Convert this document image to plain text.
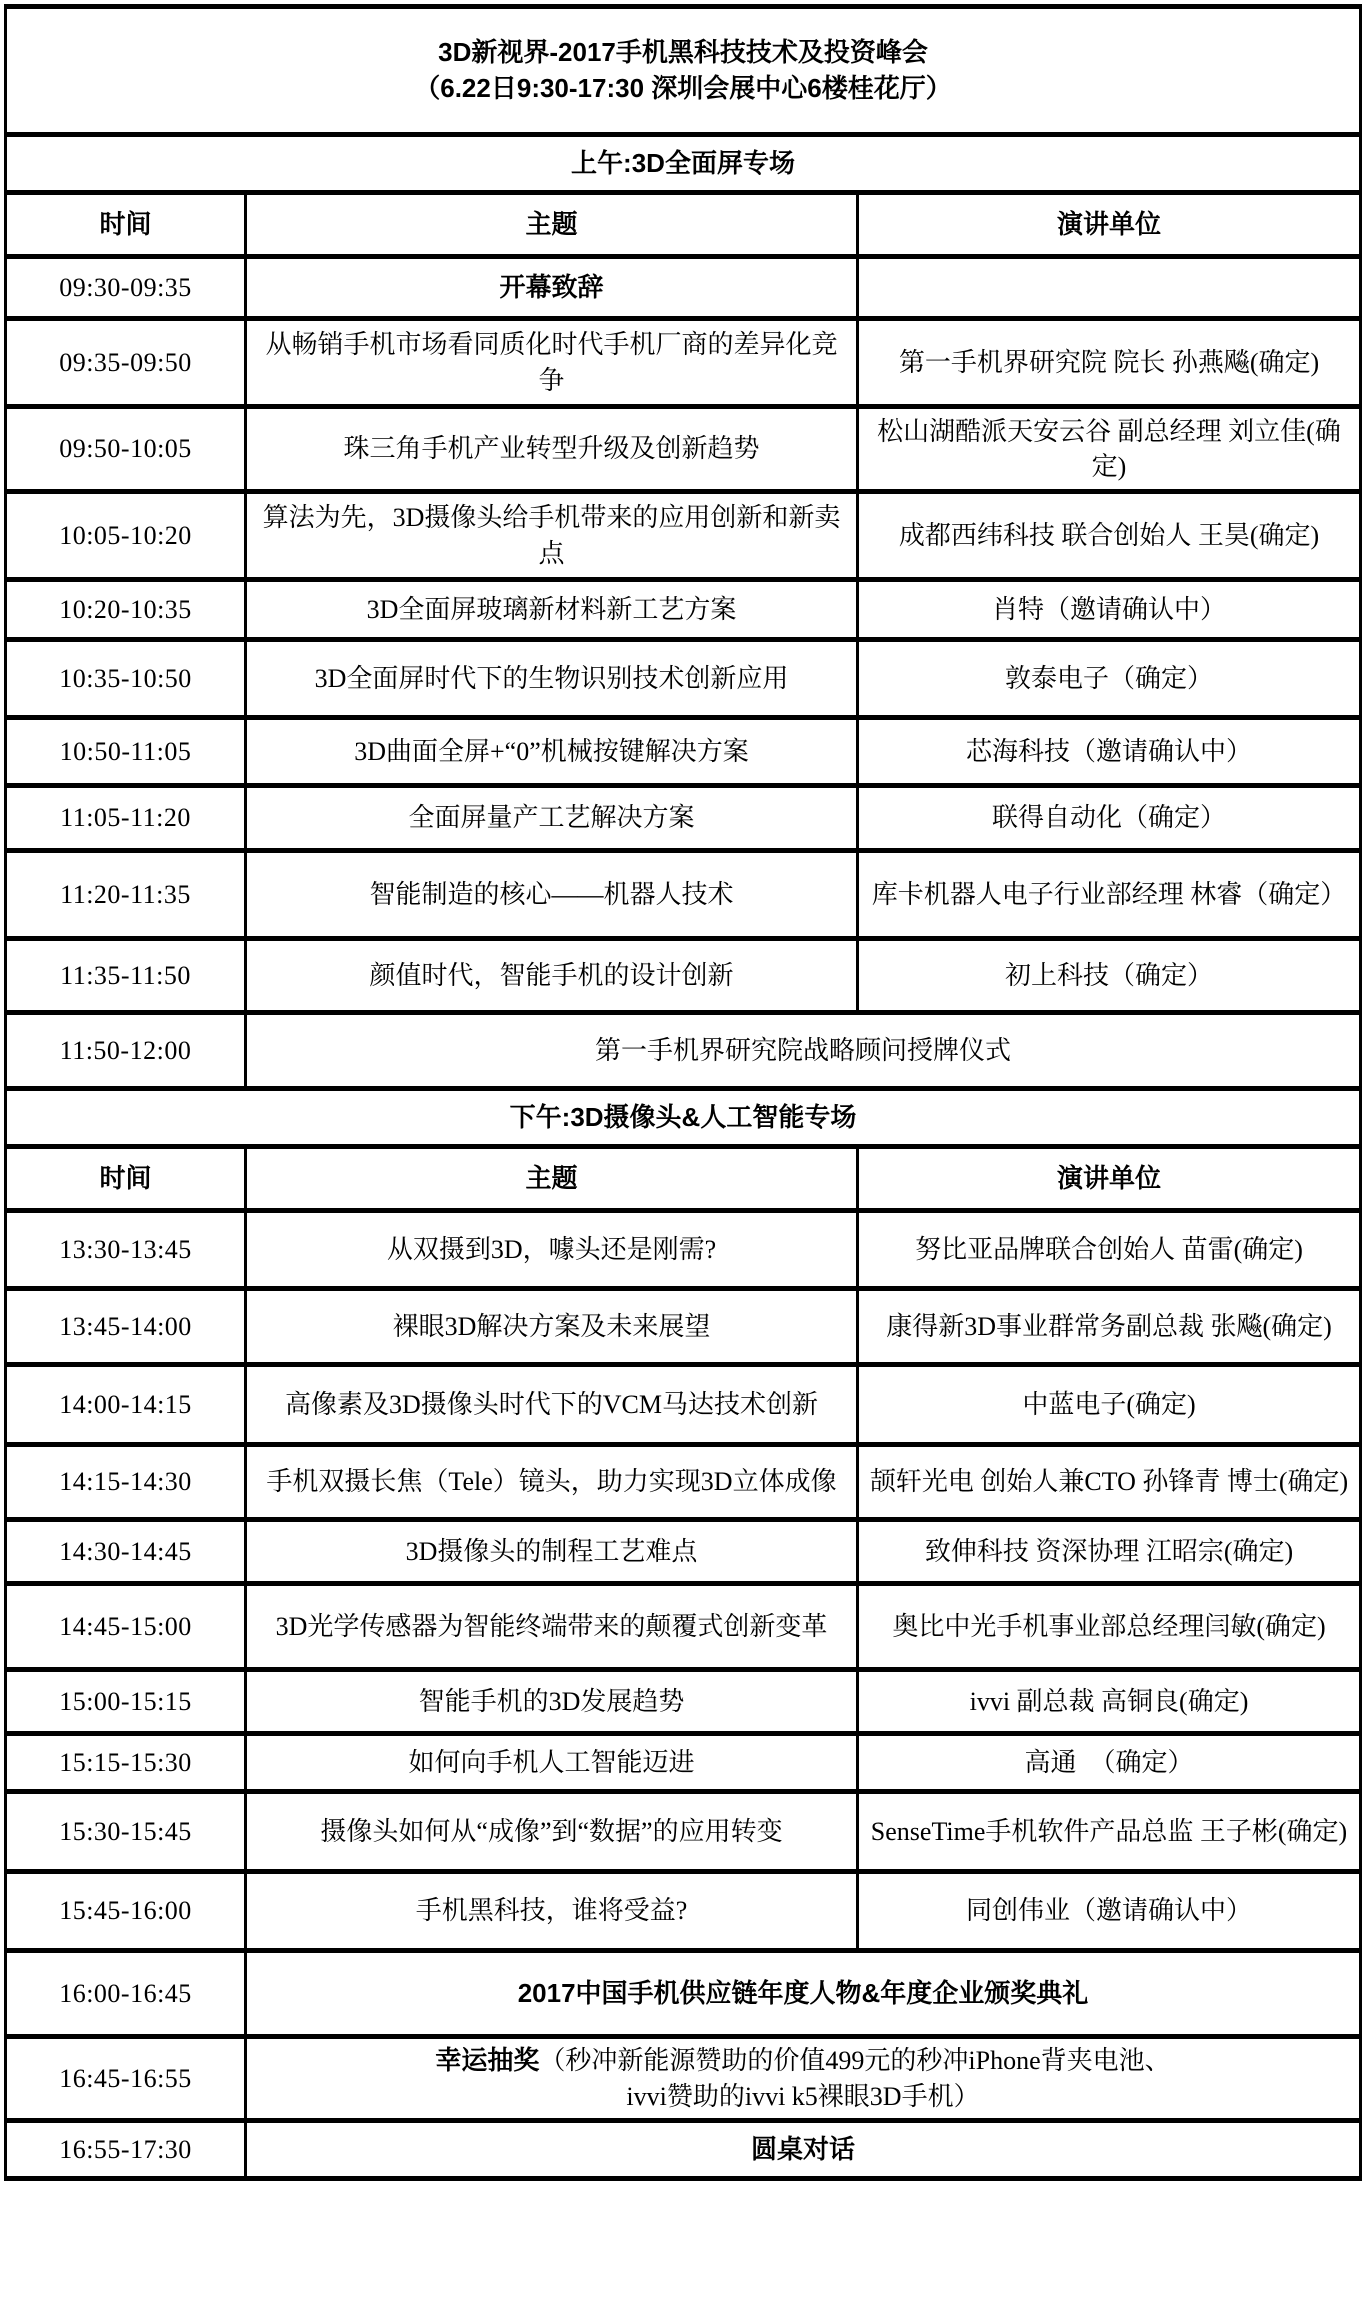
3D新视界-2017手机黑科技技术及投资峰会
（6.22日9:30-17:30 深圳会展中心6楼桂花厅）		

上午:3D全面屏专场		
时间	主题	演讲单位
09:30-09:35	开幕致辞	
09:35-09:50	从畅销手机市场看同质化时代手机厂商的差异化竞争	第一手机界研究院 院长 孙燕飚(确定)
09:50-10:05	珠三角手机产业转型升级及创新趋势	松山湖酷派天安云谷 副总经理 刘立佳(确定)
10:05-10:20	算法为先，3D摄像头给手机带来的应用创新和新卖点	成都西纬科技 联合创始人 王昊(确定)
10:20-10:35	3D全面屏玻璃新材料新工艺方案	肖特（邀请确认中）
10:35-10:50	3D全面屏时代下的生物识别技术创新应用	敦泰电子（确定）
10:50-11:05	3D曲面全屏+“0”机械按键解决方案	芯海科技（邀请确认中）
11:05-11:20	全面屏量产工艺解决方案	联得自动化（确定）
11:20-11:35	智能制造的核心——机器人技术	库卡机器人电子行业部经理 林睿（确定）
11:35-11:50	颜值时代，智能手机的设计创新	初上科技（确定）
11:50-12:00	第一手机界研究院战略顾问授牌仪式	
下午:3D摄像头&人工智能专场		
时间	主题	演讲单位
13:30-13:45	从双摄到3D，噱头还是刚需?	努比亚品牌联合创始人 苗雷(确定)
13:45-14:00	裸眼3D解决方案及未来展望	康得新3D事业群常务副总裁 张飚(确定)
14:00-14:15	高像素及3D摄像头时代下的VCM马达技术创新	中蓝电子(确定)
14:15-14:30	手机双摄长焦（Tele）镜头，助力实现3D立体成像	颉轩光电 创始人兼CTO 孙锋青 博士(确定)
14:30-14:45	3D摄像头的制程工艺难点	致伸科技 资深协理 江昭宗(确定)
14:45-15:00	3D光学传感器为智能终端带来的颠覆式创新变革	奥比中光手机事业部总经理闫敏(确定)
15:00-15:15	智能手机的3D发展趋势	ivvi 副总裁 高铜良(确定)
15:15-15:30	如何向手机人工智能迈进	高通　（确定）
15:30-15:45	摄像头如何从“成像”到“数据”的应用转变	SenseTime手机软件产品总监 王子彬(确定)
15:45-16:00	手机黑科技，谁将受益?	同创伟业（邀请确认中）
16:00-16:45	2017中国手机供应链年度人物&年度企业颁奖典礼	
16:45-16:55	幸运抽奖（秒冲新能源赞助的价值499元的秒冲iPhone背夹电池、
ivvi赞助的ivvi k5裸眼3D手机）	
16:55-17:30	圆桌对话	
